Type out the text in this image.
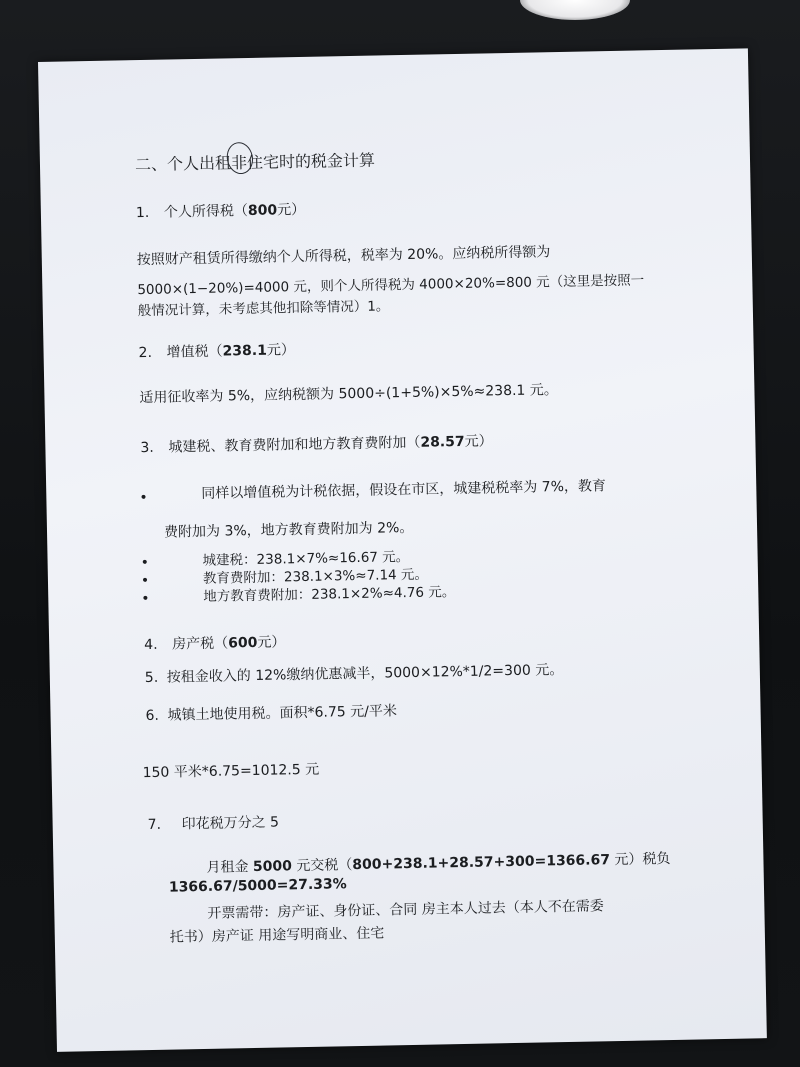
二、个人出租非住宅时的税金计算
1. 个人所得税（800元）
按照财产租赁所得缴纳个人所得税，税率为 20%。应纳税所得额为
5000×(1−20%)=4000 元，则个人所得税为 4000×20%=800 元（这里是按照一
般情况计算，未考虑其他扣除等情况）1。
2. 增值税（238.1元）
适用征收率为 5%，应纳税额为 5000÷(1+5%)×5%≈238.1 元。
3. 城建税、教育费附加和地方教育费附加（28.57元）
•	同样以增值税为计税依据，假设在市区，城建税税率为 7%，教育
费附加为 3%，地方教育费附加为 2%。
•	城建税：238.1×7%≈16.67 元。
•	教育费附加：238.1×3%≈7.14 元。
•	地方教育费附加：238.1×2%≈4.76 元。
4. 房产税（600元）
5. 按租金收入的 12%缴纳优惠减半，5000×12%*1/2=300 元。
6. 城镇土地使用税。面积*6.75 元/平米
150 平米*6.75=1012.5 元
7. 印花税万分之 5
月租金 5000 元交税（800+238.1+28.57+300=1366.67 元）税负
1366.67/5000=27.33%
开票需带：房产证、身份证、合同 房主本人过去（本人不在需委
托书）房产证 用途写明商业、住宅
